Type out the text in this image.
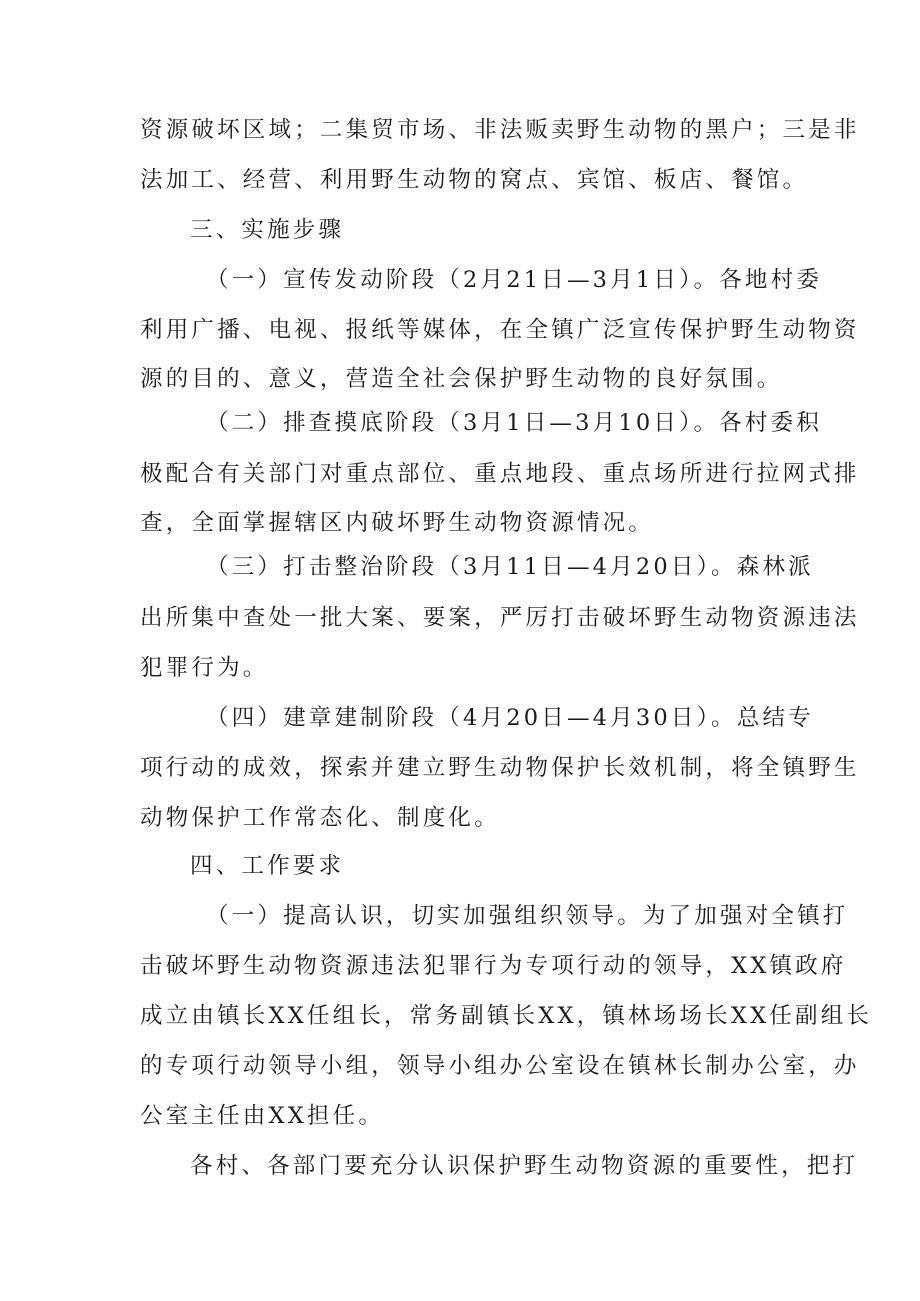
资源破坏区域；二集贸市场、非法贩卖野生动物的黑户；三是非
法加工、经营、利用野生动物的窝点、宾馆、板店、餐馆。
三、实施步骤
（一）宣传发动阶段（2月21日—3月1日）。各地村委
利用广播、电视、报纸等媒体，在全镇广泛宣传保护野生动物资
源的目的、意义，营造全社会保护野生动物的良好氛围。
（二）排查摸底阶段（3月1日—3月10日）。各村委积
极配合有关部门对重点部位、重点地段、重点场所进行拉网式排
查，全面掌握辖区内破坏野生动物资源情况。
（三）打击整治阶段（3月11日—4月20日）。森林派
出所集中查处一批大案、要案，严厉打击破坏野生动物资源违法
犯罪行为。
（四）建章建制阶段（4月20日—4月30日）。总结专
项行动的成效，探索并建立野生动物保护长效机制，将全镇野生
动物保护工作常态化、制度化。
四、工作要求
（一）提高认识，切实加强组织领导。为了加强对全镇打
击破坏野生动物资源违法犯罪行为专项行动的领导，XX镇政府
成立由镇长XX任组长，常务副镇长XX，镇林场场长XX任副组长
的专项行动领导小组，领导小组办公室设在镇林长制办公室，办
公室主任由XX担任。
各村、各部门要充分认识保护野生动物资源的重要性，把打
